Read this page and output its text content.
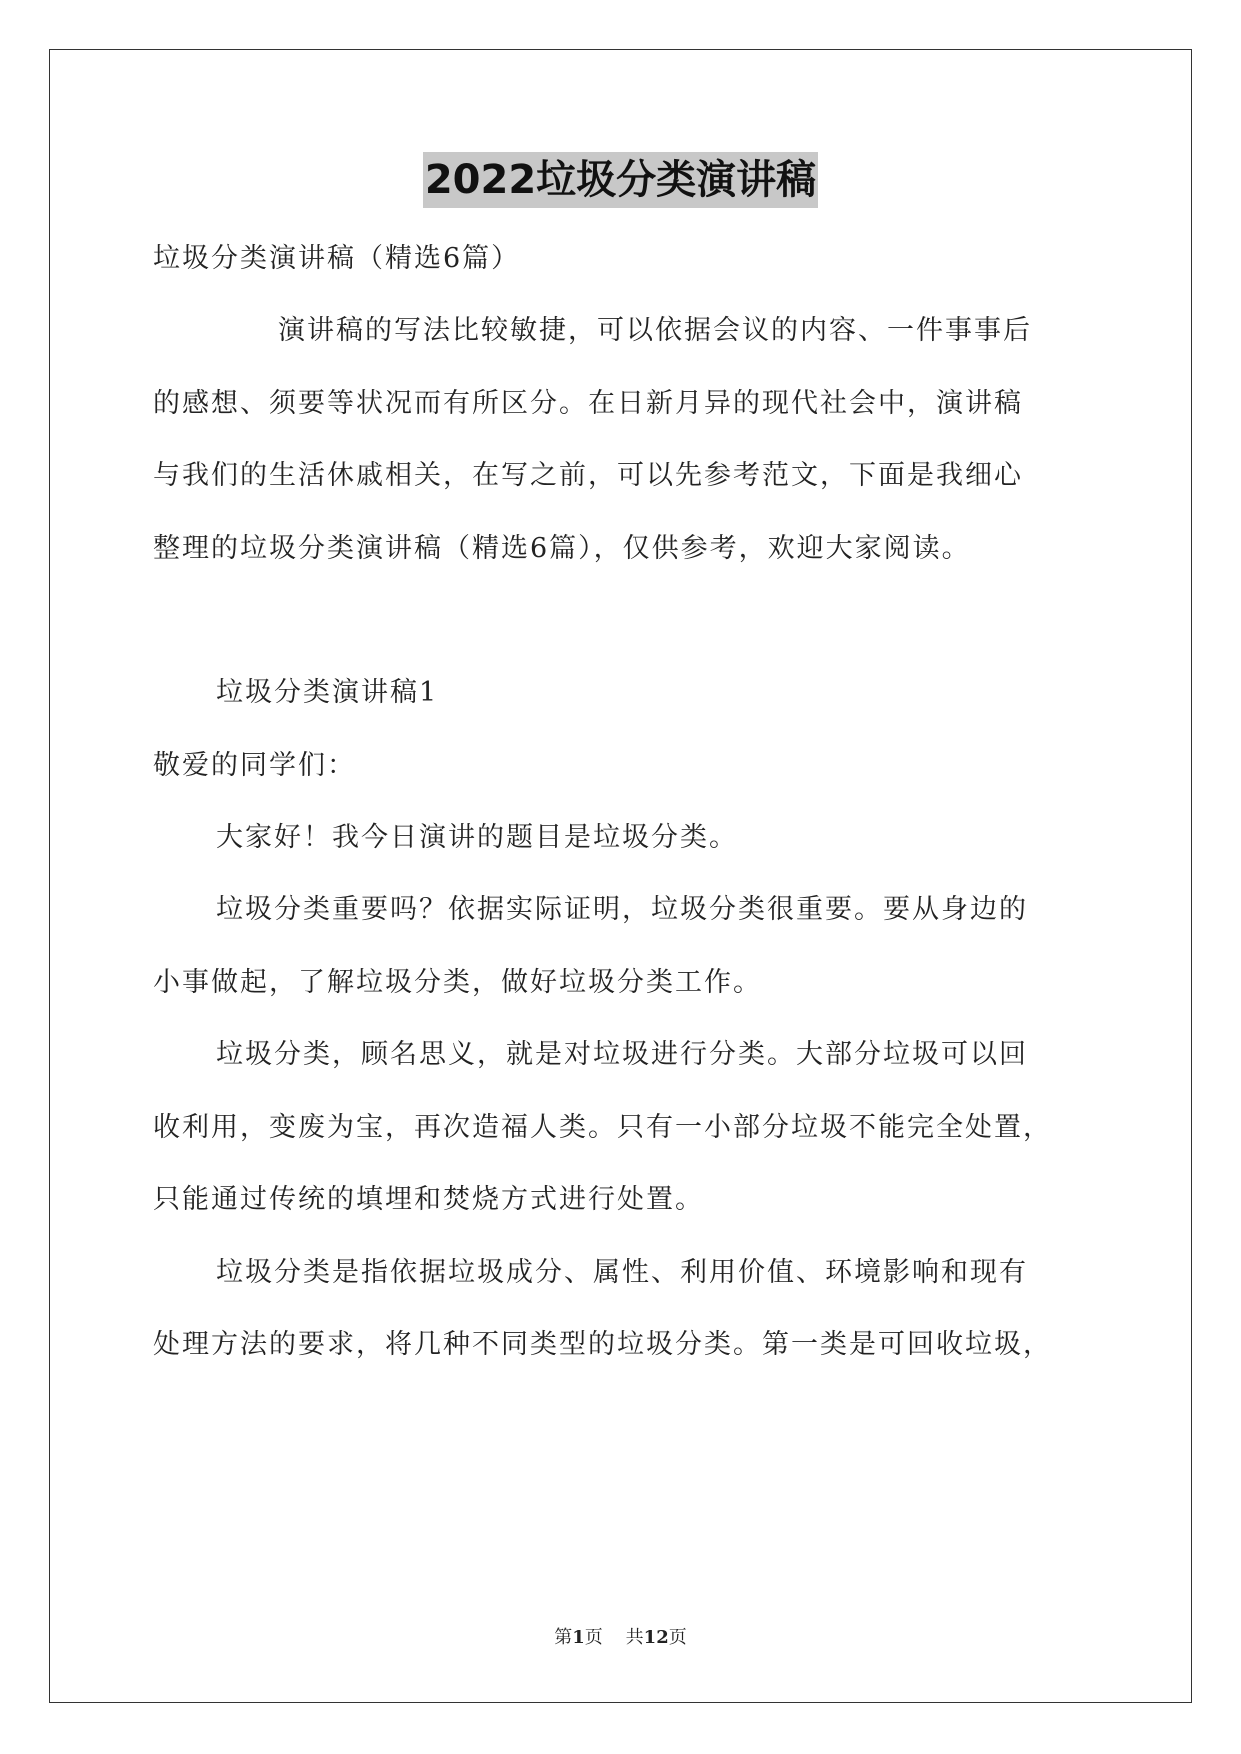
2022垃圾分类演讲稿
垃圾分类演讲稿（精选6篇）
演讲稿的写法比较敏捷，可以依据会议的内容、一件事事后
的感想、须要等状况而有所区分。在日新月异的现代社会中，演讲稿
与我们的生活休戚相关，在写之前，可以先参考范文，下面是我细心
整理的垃圾分类演讲稿（精选6篇），仅供参考，欢迎大家阅读。
垃圾分类演讲稿1
敬爱的同学们：
大家好！我今日演讲的题目是垃圾分类。
垃圾分类重要吗？依据实际证明，垃圾分类很重要。要从身边的
小事做起，了解垃圾分类，做好垃圾分类工作。
垃圾分类，顾名思义，就是对垃圾进行分类。大部分垃圾可以回
收利用，变废为宝，再次造福人类。只有一小部分垃圾不能完全处置，
只能通过传统的填埋和焚烧方式进行处置。
垃圾分类是指依据垃圾成分、属性、利用价值、环境影响和现有
处理方法的要求，将几种不同类型的垃圾分类。第一类是可回收垃圾，
第1页 共12页
